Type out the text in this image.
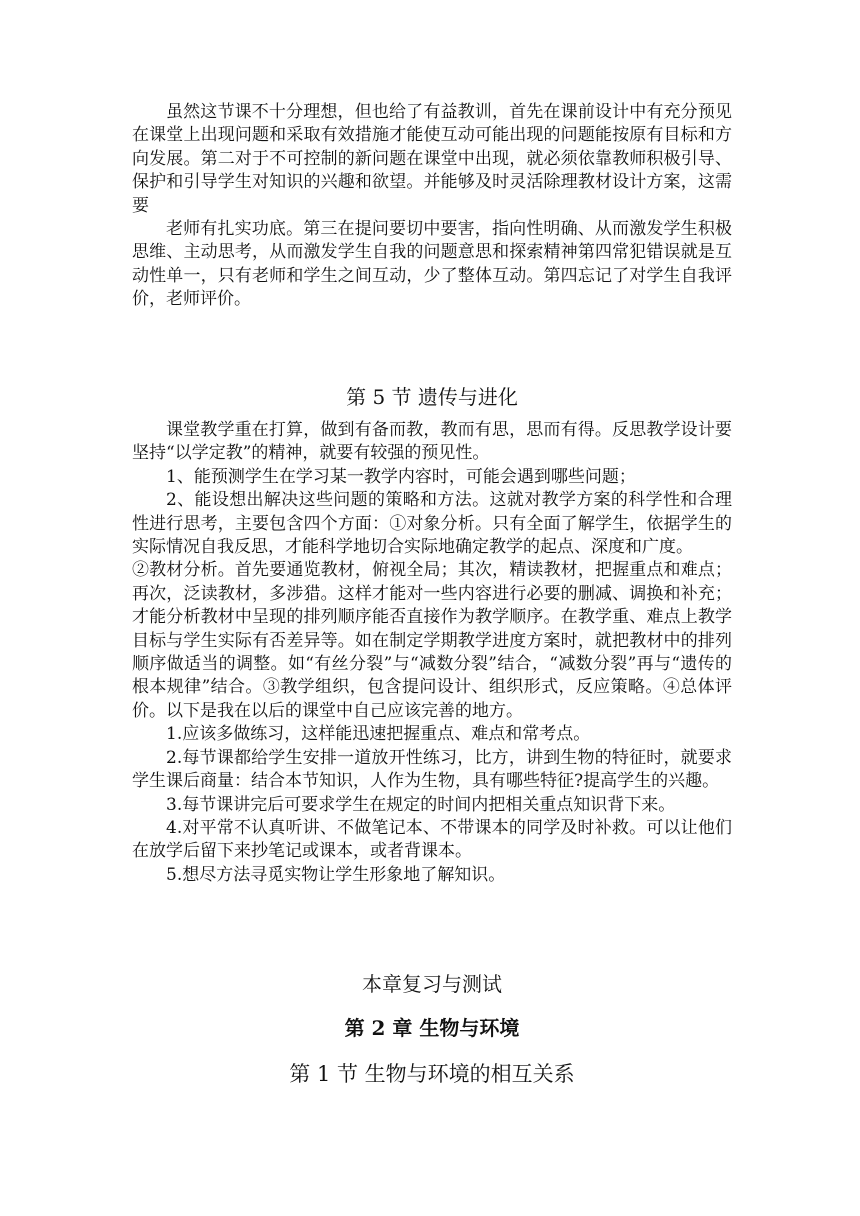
虽然这节课不十分理想，但也给了有益教训，首先在课前设计中有充分预见在课堂上出现问题和采取有效措施才能使互动可能出现的问题能按原有目标和方向发展。第二对于不可控制的新问题在课堂中出现，就必须依靠教师积极引导、保护和引导学生对知识的兴趣和欲望。并能够及时灵活除理教材设计方案，这需要

老师有扎实功底。第三在提问要切中要害，指向性明确、从而激发学生积极思维、主动思考，从而激发学生自我的问题意思和探索精神第四常犯错误就是互动性单一，只有老师和学生之间互动，少了整体互动。第四忘记了对学生自我评价，老师评价。

第 5 节 遗传与进化

课堂教学重在打算，做到有备而教，教而有思，思而有得。反思教学设计要坚持“以学定教”的精神，就要有较强的预见性。

1、能预测学生在学习某一教学内容时，可能会遇到哪些问题；

2、能设想出解决这些问题的策略和方法。这就对教学方案的科学性和合理性进行思考，主要包含四个方面：①对象分析。只有全面了解学生，依据学生的实际情况自我反思，才能科学地切合实际地确定教学的起点、深度和广度。

②教材分析。首先要通览教材，俯视全局；其次，精读教材，把握重点和难点；再次，泛读教材，多涉猎。这样才能对一些内容进行必要的删减、调换和补充；才能分析教材中呈现的排列顺序能否直接作为教学顺序。在教学重、难点上教学目标与学生实际有否差异等。如在制定学期教学进度方案时，就把教材中的排列顺序做适当的调整。如“有丝分裂”与“减数分裂”结合，“减数分裂”再与“遗传的根本规律”结合。③教学组织，包含提问设计、组织形式，反应策略。④总体评价。以下是我在以后的课堂中自己应该完善的地方。

1.应该多做练习，这样能迅速把握重点、难点和常考点。

2.每节课都给学生安排一道放开性练习，比方，讲到生物的特征时，就要求学生课后商量：结合本节知识，人作为生物，具有哪些特征?提高学生的兴趣。

3.每节课讲完后可要求学生在规定的时间内把相关重点知识背下来。

4.对平常不认真听讲、不做笔记本、不带课本的同学及时补救。可以让他们在放学后留下来抄笔记或课本，或者背课本。

5.想尽方法寻觅实物让学生形象地了解知识。

本章复习与测试
第 2 章 生物与环境
第 1 节 生物与环境的相互关系
